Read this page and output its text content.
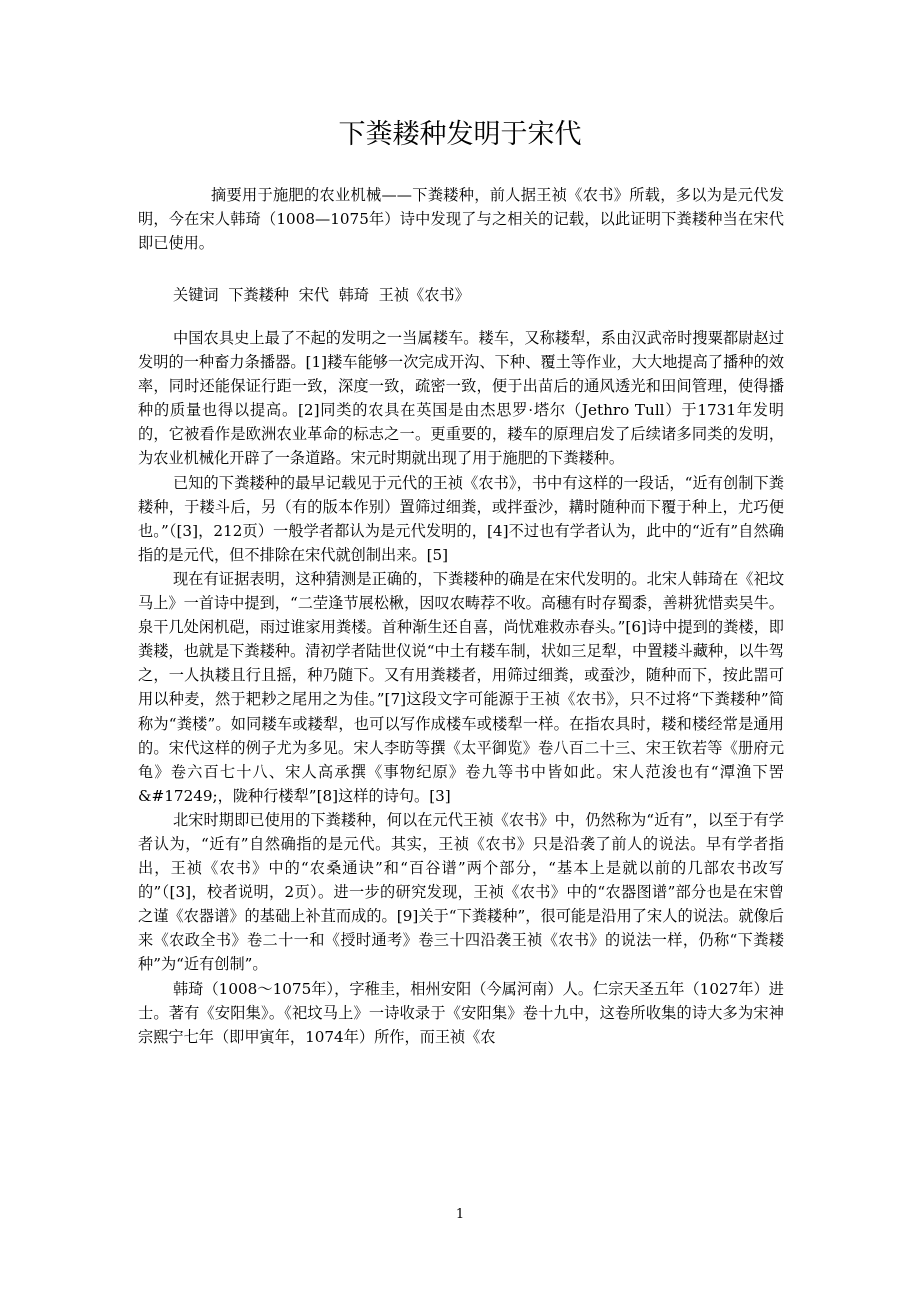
下粪耧种发明于宋代

摘要用于施肥的农业机械——下粪耧种，前人据王祯《农书》所载，多以为是元代发明，今在宋人韩琦（1008—1075年）诗中发现了与之相关的记载，以此证明下粪耧种当在宋代即已使用。

关键词  下粪耧种  宋代  韩琦  王祯《农书》

中国农具史上最了不起的发明之一当属耧车。耧车，又称耧犁，系由汉武帝时搜粟都尉赵过发明的一种畜力条播器。[1]耧车能够一次完成开沟、下种、覆土等作业，大大地提高了播种的效率，同时还能保证行距一致，深度一致，疏密一致，便于出苗后的通风透光和田间管理，使得播种的质量也得以提高。[2]同类的农具在英国是由杰思罗·塔尔（Jethro Tull）于1731年发明的，它被看作是欧洲农业革命的标志之一。更重要的，耧车的原理启发了后续诸多同类的发明，为农业机械化开辟了一条道路。宋元时期就出现了用于施肥的下粪耧种。

已知的下粪耧种的最早记载见于元代的王祯《农书》，书中有这样的一段话，“近有创制下粪耧种，于耧斗后，另（有的版本作别）置筛过细粪，或拌蚕沙，耩时随种而下覆于种上，尤巧便也。”（[3]，212页）一般学者都认为是元代发明的，[4]不过也有学者认为，此中的“近有”自然确指的是元代，但不排除在宋代就创制出来。[5]

现在有证据表明，这种猜测是正确的，下粪耧种的确是在宋代发明的。北宋人韩琦在《祀坟马上》一首诗中提到，“二茔逢节展松楸，因叹农畴荐不收。高穗有时存蜀黍，善耕犹惜卖吴牛。泉干几处闲机硙，雨过谁家用粪楼。首种渐生还自喜，尚忧难救赤春头。”[6]诗中提到的粪楼，即粪耧，也就是下粪耧种。清初学者陆世仪说“中土有耧车制，状如三足犁，中置耧斗藏种，以牛驾之，一人执耧且行且摇，种乃随下。又有用粪耧者，用筛过细粪，或蚕沙，随种而下，按此噐可用以种麦，然于耙耖之尾用之为佳。”[7]这段文字可能源于王祯《农书》，只不过将“下粪耧种”简称为“粪楼”。如同耧车或耧犁，也可以写作成楼车或楼犁一样。在指农具时，耧和楼经常是通用的。宋代这样的例子尤为多见。宋人李昉等撰《太平御览》卷八百二十三、宋王钦若等《册府元龟》卷六百七十八、宋人高承撰《事物纪原》卷九等书中皆如此。宋人范浚也有“潭渔下罟&#17249;，陇种行楼犁”[8]这样的诗句。[3]

北宋时期即已使用的下粪耧种，何以在元代王祯《农书》中，仍然称为“近有”，以至于有学者认为，“近有”自然确指的是元代。其实，王祯《农书》只是沿袭了前人的说法。早有学者指出，王祯《农书》中的“农桑通诀”和“百谷谱”两个部分，“基本上是就以前的几部农书改写的”（[3]，校者说明，2页）。进一步的研究发现，王祯《农书》中的“农器图谱”部分也是在宋曾之谨《农器谱》的基础上补苴而成的。[9]关于“下粪耧种”，很可能是沿用了宋人的说法。就像后来《农政全书》卷二十一和《授时通考》卷三十四沿袭王祯《农书》的说法一样，仍称“下粪耧种”为“近有创制”。

韩琦（1008～1075年），字稚圭，相州安阳（今属河南）人。仁宗天圣五年（1027年）进士。著有《安阳集》。《祀坟马上》一诗收录于《安阳集》卷十九中，这卷所收集的诗大多为宋神宗熙宁七年（即甲寅年，1074年）所作，而王祯《农

1
